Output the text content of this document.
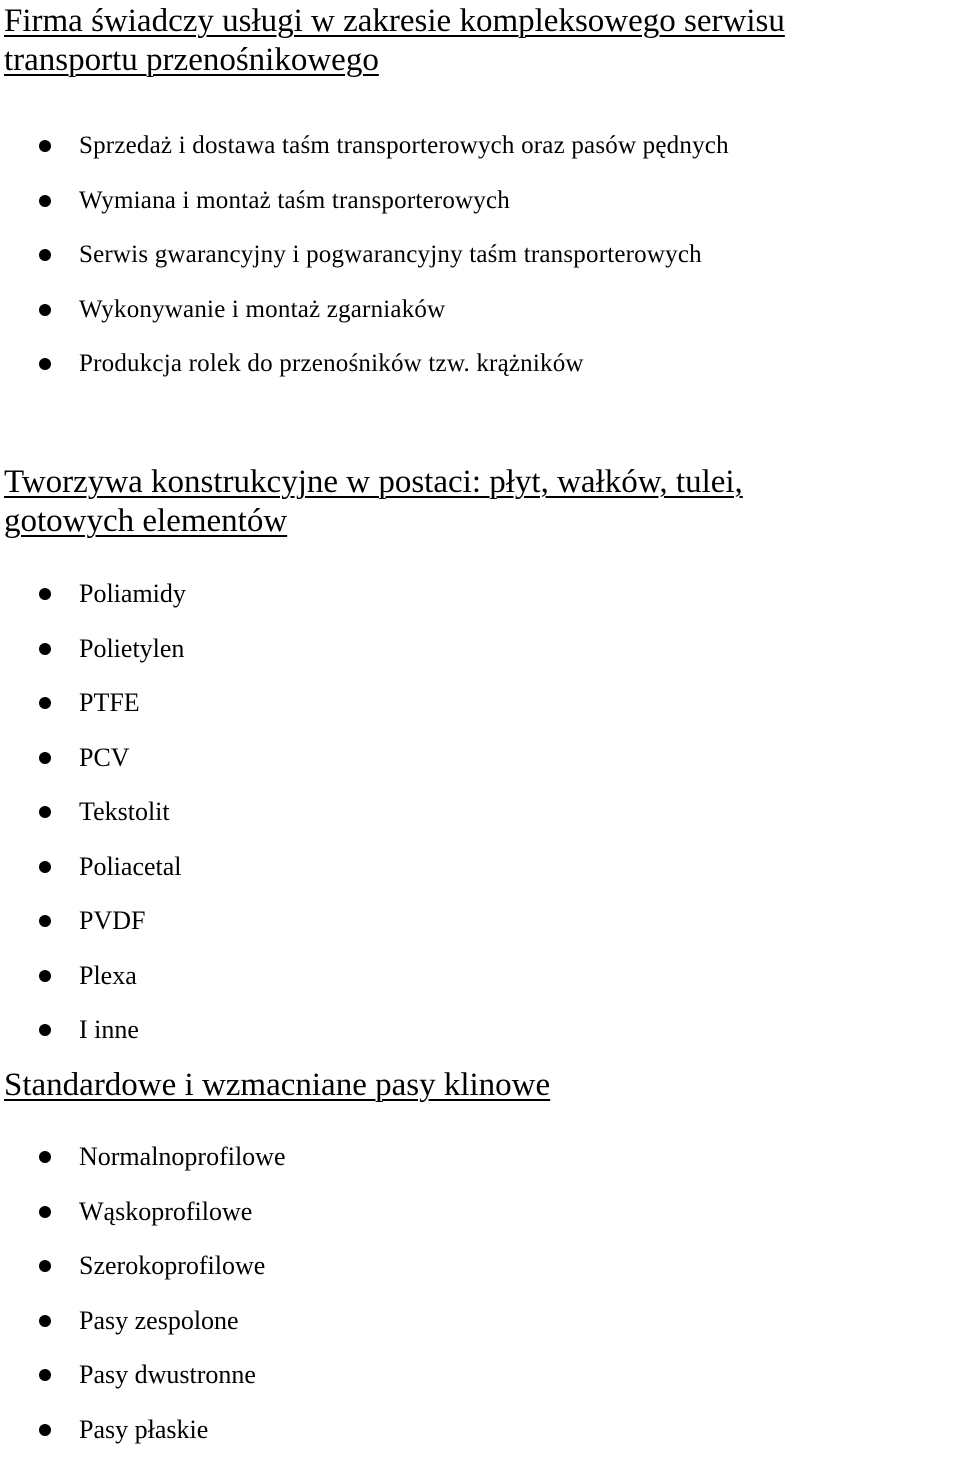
Firma świadczy usługi w zakresie kompleksowego serwisu
transportu przenośnikowego
Sprzedaż i dostawa taśm transporterowych oraz pasów pędnych
Wymiana i montaż taśm transporterowych
Serwis gwarancyjny i pogwarancyjny taśm transporterowych
Wykonywanie i montaż zgarniaków
Produkcja rolek do przenośników tzw. krążników
Tworzywa konstrukcyjne w postaci: płyt, wałków, tulei,
gotowych elementów
Poliamidy
Polietylen
PTFE
PCV
Tekstolit
Poliacetal
PVDF
Plexa
I inne
Standardowe i wzmacniane pasy klinowe
Normalnoprofilowe
Wąskoprofilowe
Szerokoprofilowe
Pasy zespolone
Pasy dwustronne
Pasy płaskie
